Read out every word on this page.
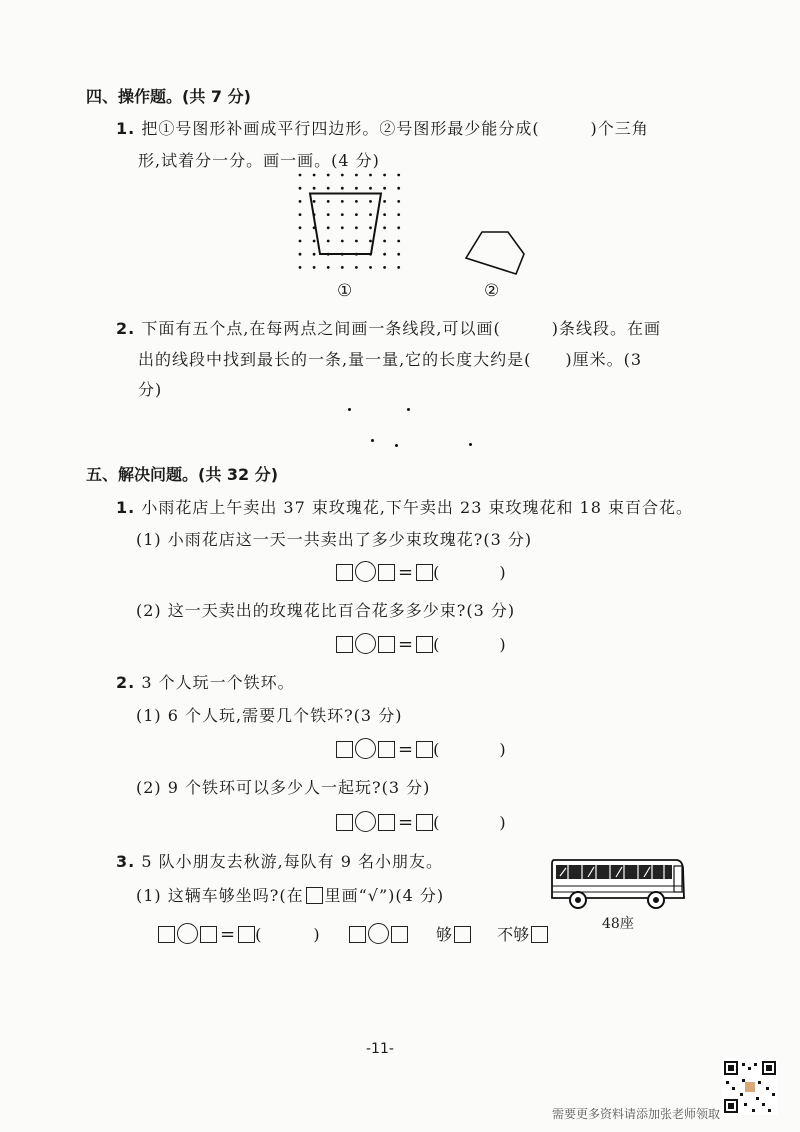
四、操作题。(共 7 分)
1. 把①号图形补画成平行四边形。②号图形最少能分成(　　　)个三角
形,试着分一分。画一画。(4 分)
①	②
2. 下面有五个点,在每两点之间画一条线段,可以画(　　　)条线段。在画
出的线段中找到最长的一条,量一量,它的长度大约是(　　)厘米。(3
分)
五、解决问题。(共 32 分)
1. 小雨花店上午卖出 37 束玫瑰花,下午卖出 23 束玫瑰花和 18 束百合花。
(1) 小雨花店这一天一共卖出了多少束玫瑰花?(3 分)
= (　　　)
(2) 这一天卖出的玫瑰花比百合花多多少束?(3 分)
= (　　　)
2. 3 个人玩一个铁环。
(1) 6 个人玩,需要几个铁环?(3 分)
= (　　　)
(2) 9 个铁环可以多少人一起玩?(3 分)
= (　　　)
3. 5 队小朋友去秋游,每队有 9 名小朋友。
(1) 这辆车够坐吗?(在 里画“√”)(4 分)
= (　　　)	够	不够
48座
-11-
需要更多资料请添加张老师领取
